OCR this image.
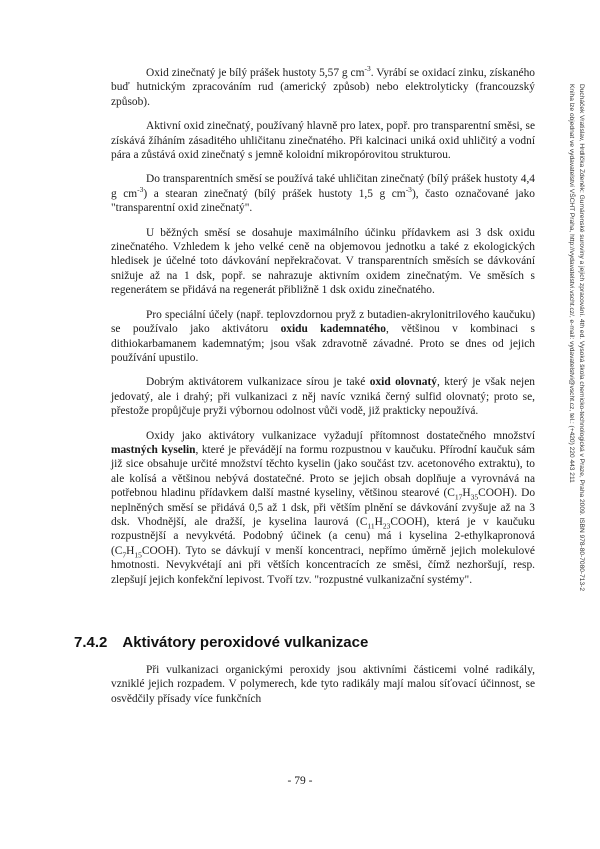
Ducháček Vratislav, Hrdlička Zdeněk: Gumárenské suroviny a jejich zpracování. 4th ed. Vysoká škola chemicko-technologická v Praze, Praha 2009. ISBN 978-80-7080-713-2
Kniha lze objednat ve vydavatelství VŠCHT Praha, http://vydavatelstvi.vscht.cz/, e-mail: vydavatelstvi@vscht.cz, tel.: (+420) 220 443 211

Oxid zinečnatý je bílý prášek hustoty 5,57 g $cm^{-3}$. Vyrábí se oxidací zinku, získaného buď hutnickým zpracováním rud (americký způsob) nebo elektrolyticky (francouzský způsob).

Aktivní oxid zinečnatý, používaný hlavně pro latex, popř. pro transparentní směsi, se získává žíháním zásaditého uhličitanu zinečnatého. Při kalcinaci uniká oxid uhličitý a vodní pára a zůstává oxid zinečnatý s jemně koloidní mikropórovitou strukturou.

Do transparentních směsí se používá také uhličitan zinečnatý (bílý prášek hustoty 4,4 g $cm^{-3}$) a stearan zinečnatý (bílý prášek hustoty 1,5 g $cm^{-3}$), často označované jako "transparentní oxid zinečnatý".

U běžných směsí se dosahuje maximálního účinku přídavkem asi 3 dsk oxidu zinečnatého. Vzhledem k jeho velké ceně na objemovou jednotku a také z ekologických hledisek je účelné toto dávkování nepřekračovat. V transparentních směsích se dávkování snižuje až na 1 dsk, popř. se nahrazuje aktivním oxidem zinečnatým. Ve směsích s regenerátem se přidává na regenerát přibližně 1 dsk oxidu zinečnatého.

Pro speciální účely (např. teplovzdornou pryž z butadien-akrylonitrilového kaučuku) se používalo jako aktivátoru oxidu kademnatého, většinou v kombinaci s dithiokarbamanem kademnatým; jsou však zdravotně závadné. Proto se dnes od jejich používání upustilo.

Dobrým aktivátorem vulkanizace sírou je také oxid olovnatý, který je však nejen jedovatý, ale i drahý; při vulkanizaci z něj navíc vzniká černý sulfid olovnatý; proto se, přestože propůjčuje pryži výbornou odolnost vůči vodě, již prakticky nepoužívá.

Oxidy jako aktivátory vulkanizace vyžadují přítomnost dostatečného množství mastných kyselin, které je převádějí na formu rozpustnou v kaučuku. Přírodní kaučuk sám již sice obsahuje určité množství těchto kyselin (jako součást tzv. acetonového extraktu), to ale kolísá a většinou nebývá dostatečné. Proto se jejich obsah doplňuje a vyrovnává na potřebnou hladinu přídavkem další mastné kyseliny, většinou stearové $(C_{17}H_{35}COOH)$. Do neplněných směsí se přidává 0,5 až 1 dsk, při větším plnění se dávkování zvyšuje až na 3 dsk. Vhodnější, ale dražší, je kyselina laurová $(C_{11}H_{23}COOH)$, která je v kaučuku rozpustnější a nevykvétá. Podobný účinek (a cenu) má i kyselina 2-ethylkapronová $(C_7H_{15}COOH)$. Tyto se dávkují v menší koncentraci, nepřímo úměrně jejich molekulové hmotnosti. Nevykvétají ani při větších koncentracích ze směsi, čímž nezhoršují, resp. zlepšují jejich konfekční lepivost. Tvoří tzv. "rozpustné vulkanizační systémy".

7.4.2 Aktivátory peroxidové vulkanizace

Při vulkanizaci organickými peroxidy jsou aktivními částicemi volné radikály, vzniklé jejich rozpadem. V polymerech, kde tyto radikály mají malou síťovací účinnost, se osvědčily přísady více funkčních

- 79 -
